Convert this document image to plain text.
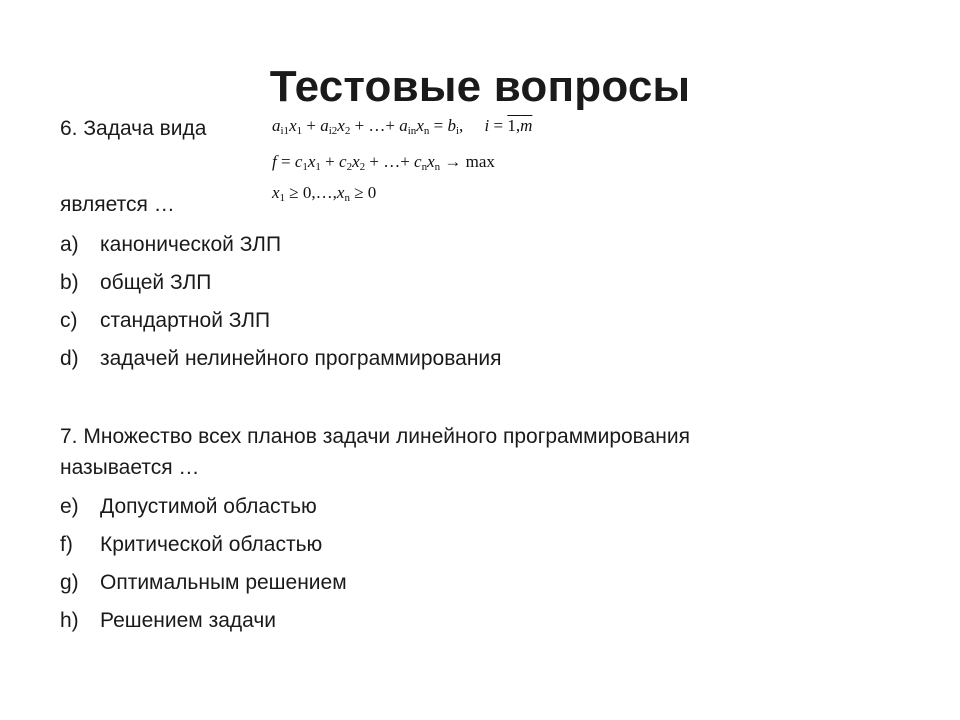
Тестовые вопросы
6. Задача вида	$a_{i1}x_1 + a_{i2}x_2$ + …+ $a_{in}x_n = b_i$,     i = 1,m
$f = c_1x_1 + c_2x_2$ + …+ $c_nx_n \to \max$
$x_1$ ≥ $0,\dots,x_n \ge 0$
является …
a) канонической ЗЛП
b) общей ЗЛП
c) стандартной ЗЛП
d) задачей нелинейного программирования
7. Множество всех планов задачи линейного программирования
называется …
e) Допустимой областью
f) Критической областью
g) Оптимальным решением
h) Решением задачи
